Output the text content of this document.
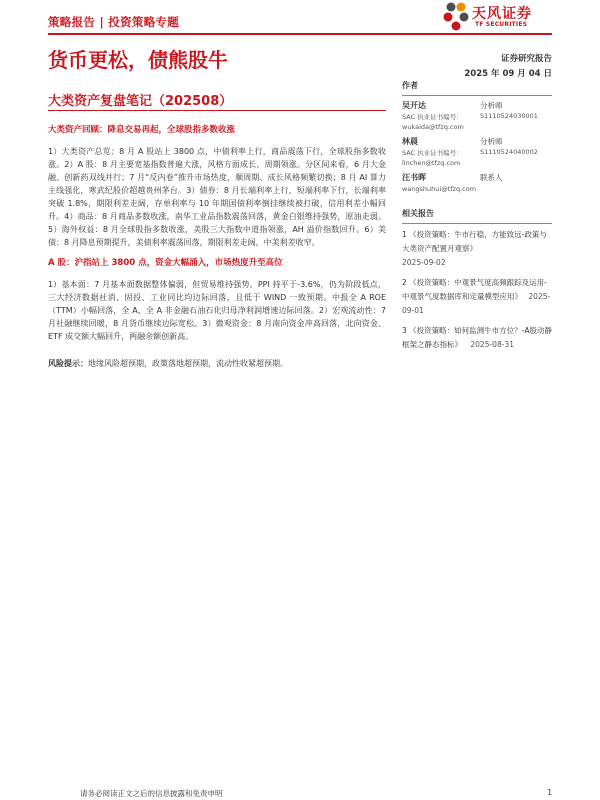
策略报告 | 投资策略专题	天风证券
TF SECURITIES
货币更松，债熊股牛	证券研究报告
2025 年 09 月 04 日
大类资产复盘笔记（202508）
大类资产回顾：降息交易再起，全球股指多数收涨
1）大类资产总览：8 月 A 股站上 3800 点，中债利率上行，商品震荡下行，全球股指多数收涨。2）A 股：8 月主要宽基指数普遍大涨，风格方面成长、周期领涨。分区间来看，6 月大金融、创新药双线并行；7 月“反内卷”推升市场热度，顺周期、成长风格频繁切换；8 月 AI 算力主线强化，寒武纪股价超越贵州茅台。3）债券：8 月长端利率上行，短端利率下行，长端利率突破 1.8%，期限利差走阔，存单利率与 10 年期国债利率倒挂继续被打破，信用利差小幅回升。4）商品：8 月商品多数收涨，南华工业品指数震荡回落，黄金白银维持强势，原油走弱。5）海外权益：8 月全球股指多数收涨，美股三大指数中道指领涨，AH 溢价指数回升。6）美债：8 月降息预期提升，美债利率震荡回落，期限利差走阔，中美利差收窄。
A 股：沪指站上 3800 点，资金大幅涌入，市场热度升至高位
1）基本面：7 月基本面数据整体偏弱，但贸易维持强势。PPI 持平于-3.6%，仍为阶段低点，三大经济数据社消、固投、工业同比均边际回落，且低于 WIND 一致预期。中报全 A ROE（TTM）小幅回落，全 A、全 A 非金融石油石化归母净利润增速边际回落。2）宏观流动性：7 月社融继续回暖，8 月货币继续边际宽松。3）微观资金：8 月南向资金冲高回落，北向资金、ETF 成交额大幅回升，两融余额创新高。
风险提示：地缘风险超预期，政策落地超预期，流动性收紧超预期。
作者
吴开达	分析师
SAC 执业证书编号：	S1110524030001
wukaida@tfzq.com
林晨	分析师
SAC 执业证书编号：	S1110524040002
linchen@tfzq.com
汪书晖	联系人
wangshuhui@tfzq.com
相关报告
1 《投资策略：牛市行稳，方能致远-政策与大类资产配置月观察》
2025-09-02
2 《投资策略：中观景气度高频跟踪及运用-中观景气度数据库和定量模型应用》 2025-09-01
3 《投资策略：如何监测牛市方位？-A股动静框架之静态指标》 2025-08-31
请务必阅读正文之后的信息披露和免责申明	1
